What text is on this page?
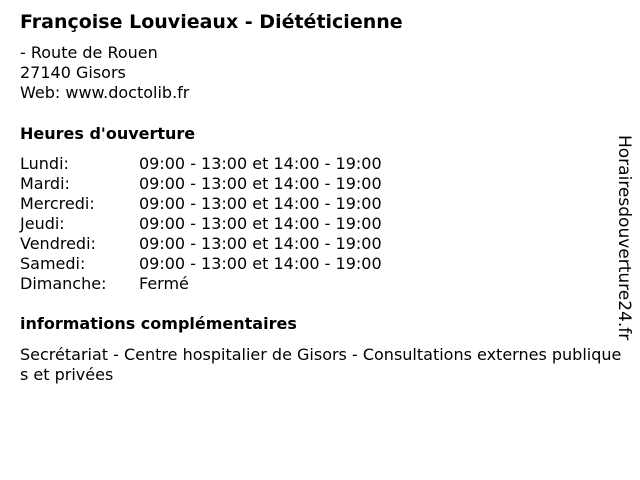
Françoise Louvieaux - Diététicienne
- Route de Rouen
27140 Gisors
Web: www.doctolib.fr
Heures d'ouverture
Lundi:	09:00 - 13:00 et 14:00 - 19:00
Mardi:	09:00 - 13:00 et 14:00 - 19:00
Mercredi:	09:00 - 13:00 et 14:00 - 19:00
Jeudi:	09:00 - 13:00 et 14:00 - 19:00
Vendredi:	09:00 - 13:00 et 14:00 - 19:00
Samedi:	09:00 - 13:00 et 14:00 - 19:00
Dimanche: Fermé
informations complémentaires
Secrétariat - Centre hospitalier de Gisors - Consultations externes publiques et privées
Horairesdouverture24.fr
